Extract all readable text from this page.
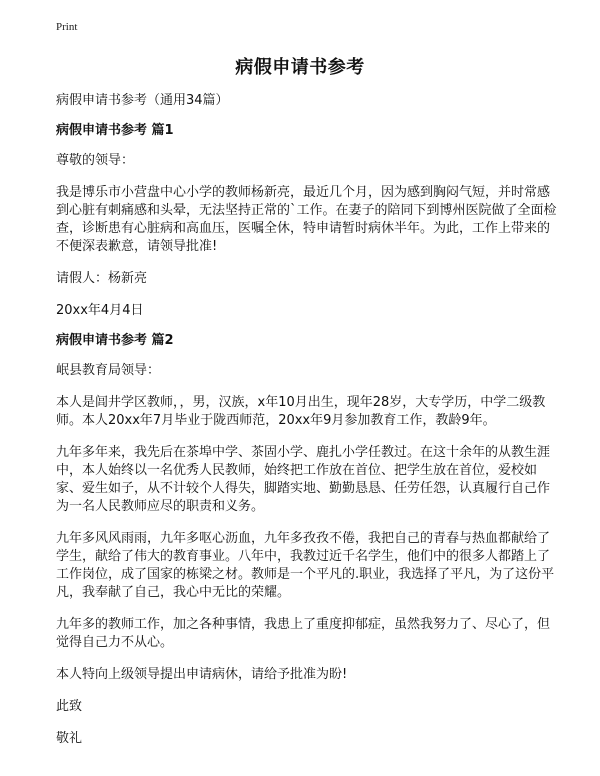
Print
病假申请书参考

病假申请书参考（通用34篇）

病假申请书参考 篇1

尊敬的领导：

我是博乐市小营盘中心小学的教师杨新亮，最近几个月，因为感到胸闷气短，并时常感到心脏有刺痛感和头晕，无法坚持正常的`工作。在妻子的陪同下到博州医院做了全面检查，诊断患有心脏病和高血压，医嘱全休，特申请暂时病休半年。为此，工作上带来的不便深表歉意，请领导批准!

请假人：杨新亮

20xx年4月4日

病假申请书参考 篇2

岷县教育局领导：

本人是闾井学区教师，，男，汉族，x年10月出生，现年28岁，大专学历，中学二级教师。本人20xx年7月毕业于陇西师范，20xx年9月参加教育工作，教龄9年。

九年多年来，我先后在茶埠中学、茶固小学、鹿扎小学任教过。在这十余年的从教生涯中，本人始终以一名优秀人民教师，始终把工作放在首位、把学生放在首位，爱校如家、爱生如子，从不计较个人得失，脚踏实地、勤勤恳恳、任劳任怨，认真履行自己作为一名人民教师应尽的职责和义务。

九年多风风雨雨，九年多呕心沥血，九年多孜孜不倦，我把自己的青春与热血都献给了学生，献给了伟大的教育事业。八年中，我教过近千名学生，他们中的很多人都踏上了工作岗位，成了国家的栋梁之材。教师是一个平凡的.职业，我选择了平凡，为了这份平凡，我奉献了自己，我心中无比的荣耀。

九年多的教师工作，加之各种事情，我患上了重度抑郁症，虽然我努力了、尽心了，但觉得自己力不从心。

本人特向上级领导提出申请病休，请给予批准为盼!

此致

敬礼
